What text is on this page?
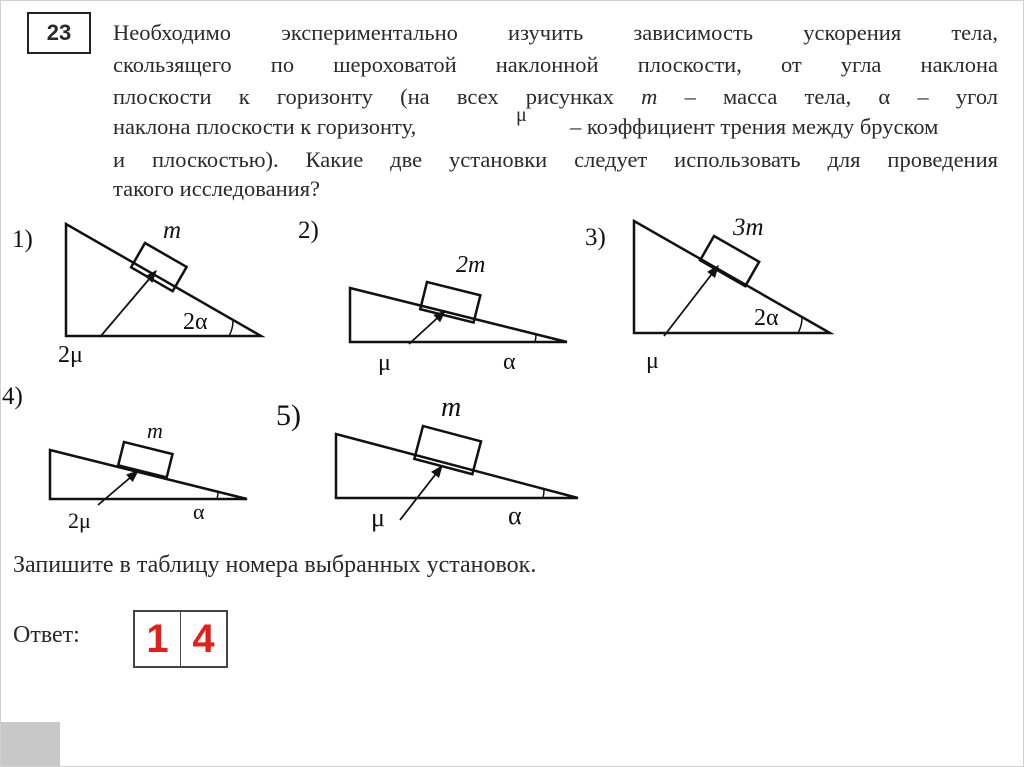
23	Необходимо экспериментально изучить зависимость ускорения тела,
скользящего по шероховатой наклонной плоскости, от угла наклона
плоскости к горизонту (на всех рисунках m – масса тела, α – угол
наклона плоскости к горизонту,	μ – коэффициент трения между бруском
и плоскостью). Какие две установки следует использовать для проведения
такого исследования?
1)	m
2α
2μ
2)
2m
α
μ
3)	3m
2α
μ
4)
m
α
2μ
5)	m
α
μ
Запишите в таблицу номера выбранных установок.
Ответ: 1 4
